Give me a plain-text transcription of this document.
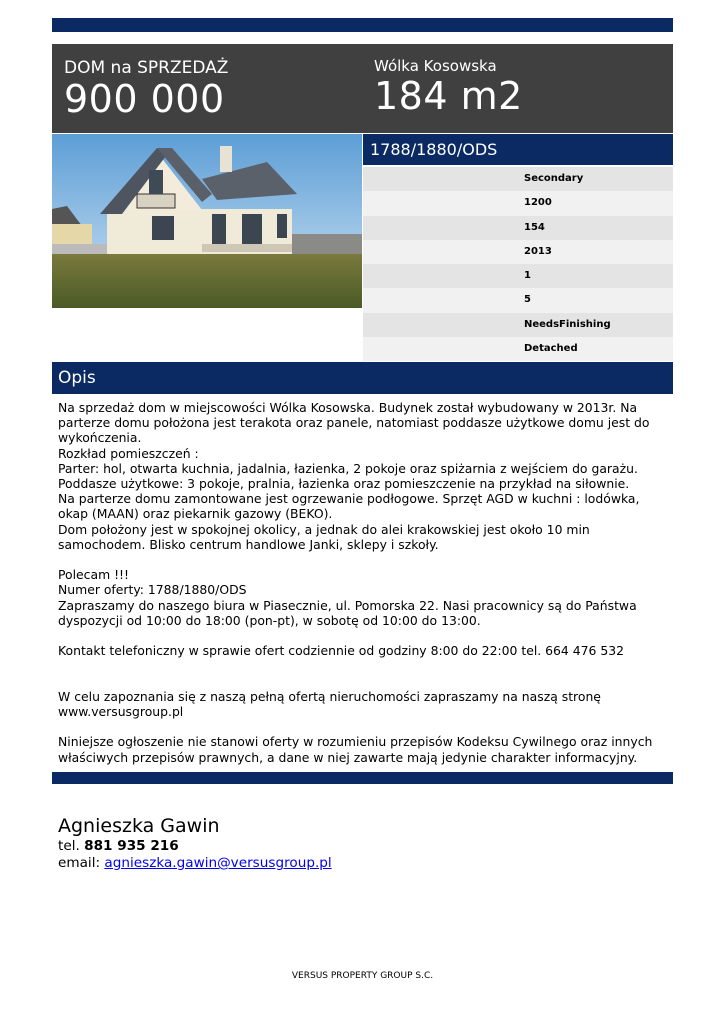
DOM na SPRZEDAŻ
900 000
Wólka Kosowska
184 m2
1788/1880/ODS
Secondary
1200
154
2013
1
5
NeedsFinishing
Detached
Opis

Na sprzedaż dom w miejscowości Wólka Kosowska. Budynek został wybudowany w 2013r. Na parterze domu położona jest terakota oraz panele, natomiast poddasze użytkowe domu jest do wykończenia.

Rozkład pomieszczeń :

Parter: hol, otwarta kuchnia, jadalnia, łazienka, 2 pokoje oraz spiżarnia z wejściem do garażu.

Poddasze użytkowe: 3 pokoje, pralnia, łazienka oraz pomieszczenie na przykład na siłownie.

Na parterze domu zamontowane jest ogrzewanie podłogowe. Sprzęt AGD w kuchni : lodówka, okap (MAAN) oraz piekarnik gazowy (BEKO).

Dom położony jest w spokojnej okolicy, a jednak do alei krakowskiej jest około 10 min samochodem. Blisko centrum handlowe Janki, sklepy i szkoły.

Polecam !!!

Numer oferty: 1788/1880/ODS

Zapraszamy do naszego biura w Piasecznie, ul. Pomorska 22. Nasi pracownicy są do Państwa dyspozycji od 10:00 do 18:00 (pon-pt), w sobotę od 10:00 do 13:00.

Kontakt telefoniczny w sprawie ofert codziennie od godziny 8:00 do 22:00 tel. 664 476 532

W celu zapoznania się z naszą pełną ofertą nieruchomości zapraszamy na naszą stronę www.versusgroup.pl

Niniejsze ogłoszenie nie stanowi oferty w rozumieniu przepisów Kodeksu Cywilnego oraz innych właściwych przepisów prawnych, a dane w niej zawarte mają jedynie charakter informacyjny.

Agnieszka Gawin
tel. 881 935 216
email: agnieszka.gawin@versusgroup.pl
VERSUS PROPERTY GROUP S.C.
